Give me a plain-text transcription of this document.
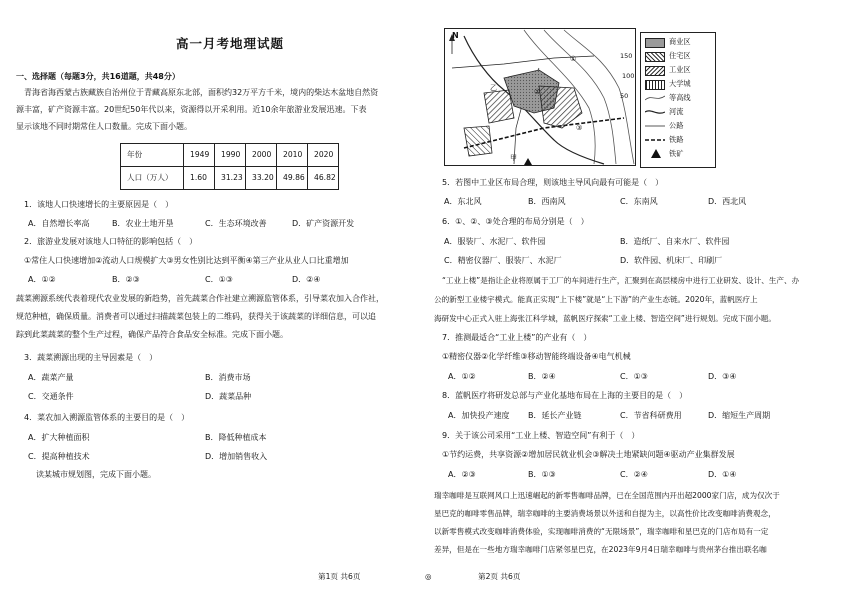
高一月考地理试题
一、选择题（每题3分，共16道题，共48分）
青海省海西蒙古族藏族自治州位于青藏高原东北部，面积约32万平方千米，境内的柴达木盆地自然资
源丰富，矿产资源丰富。20世纪50年代以来，资源得以开采利用。近10余年旅游业发展迅速。下表
显示该地不同时期常住人口数量。完成下面小题。
年份	1949	1990	2000	2010	2020
人口（万人）	1.60	31.23	33.20	49.86	46.82
1．该地人口快速增长的主要原因是（　）
A．自然增长率高	B．农业土地开垦	C．生态环境改善	D．矿产资源开发
2．旅游业发展对该地人口特征的影响包括（　）
①常住人口快速增加②流动人口规模扩大③男女性别比达到平衡④第三产业从业人口比重增加
A．①②	B．②③	C．①③	D．②④
蔬菜溯源系统代表着现代农业发展的新趋势，首先蔬菜合作社建立溯源监管体系，引导菜农加入合作社，
规范种植，确保质量。消费者可以通过扫描蔬菜包装上的二维码，获得关于该蔬菜的详细信息，可以追
踪到此菜蔬菜的整个生产过程，确保产品符合食品安全标准。完成下面小题。
3．蔬菜溯源出现的主导因素是（　）
A．蔬菜产量	B．消费市场
C．交通条件	D．蔬菜品种
4．菜农加入溯源监管体系的主要目的是（　）
A．扩大种植面积	B．降低种植成本
C．提高种植技术	D．增加销售收入
读某城市规划图，完成下面小题。
N
①
②
③
乙
甲
150
100
50
商业区
住宅区
工业区
大学城
等高线
河流
公路
铁路
铁矿
5．若图中工业区布局合理，则该地主导风向最有可能是（　）
A．东北风	B．西南风	C．东南风	D．西北风
6．①、②、③处合理的布局分别是（　）
A．服装厂、水泥厂、软件园	B．造纸厂、自来水厂、软件园
C．精密仪器厂、服装厂、水泥厂	D．软件园、机床厂、印刷厂
“工业上楼”是指让企业将原属于工厂的车间进行生产，汇聚到在高层楼房中进行工业研发、设计、生产、办
公的新型工业楼宇模式。能真正实现“上下楼”就是“上下游”的产业生态链。2020年，蓝帆医疗上
海研发中心正式入驻上海张江科学城，蓝帆医疗探索“工业上楼、智造空间”进行规划。完成下面小题。
7．推测最适合“工业上楼”的产业有（　）
①精密仪器②化学纤维③移动智能终端设备④电气机械
A．①②	B．②④	C．①③	D．③④
8．蓝帆医疗将研发总部与产业化基地布局在上海的主要目的是（　）
A．加快投产速度 B．延长产业链	C．节省科研费用	D．缩短生产周期
9．关于该公司采用“工业上楼、智造空间”有利于（　）
①节约运费，共享资源②增加居民就业机会③解决土地紧缺问题④驱动产业集群发展
A．②③	B．①③	C．②④	D．①④
瑞幸咖啡是互联网风口上迅速崛起的新零售咖啡品牌，已在全国范围内开出超2000家门店，成为仅次于
星巴克的咖啡零售品牌，瑞幸咖啡的主要消费场景以外送和自提为主，以高性价比改变咖啡消费观念，
以新零售模式改变咖啡消费体验，实现咖啡消费的“无限场景”，瑞幸咖啡和星巴克的门店布局有一定
差异，但是在一些地方瑞幸咖啡门店紧邻星巴克，在2023年9月4日瑞幸咖啡与贵州茅台推出联名咖
第1页 共6页	◎	第2页 共6页
